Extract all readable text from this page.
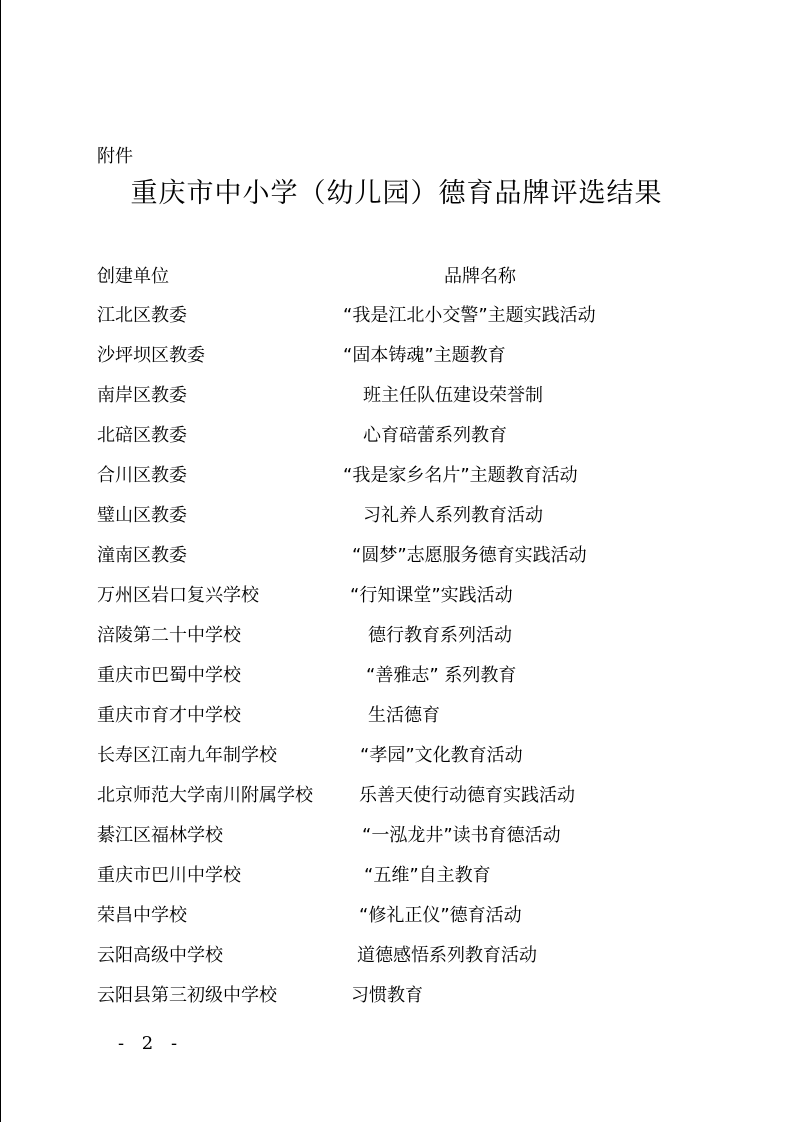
附件
重庆市中小学（幼儿园）德育品牌评选结果
创建单位	品牌名称
江北区教委	“我是江北小交警”主题实践活动
沙坪坝区教委	“固本铸魂”主题教育
南岸区教委	班主任队伍建设荣誉制
北碚区教委	心育碚蕾系列教育
合川区教委	“我是家乡名片”主题教育活动
璧山区教委	习礼养人系列教育活动
潼南区教委	“圆梦”志愿服务德育实践活动
万州区岩口复兴学校	“行知课堂”实践活动
涪陵第二十中学校	德行教育系列活动
重庆市巴蜀中学校	“善雅志” 系列教育
重庆市育才中学校	生活德育
长寿区江南九年制学校	“孝园”文化教育活动
北京师范大学南川附属学校	乐善天使行动德育实践活动
綦江区福林学校	“一泓龙井”读书育德活动
重庆市巴川中学校	“五维”自主教育
荣昌中学校	“修礼正仪”德育活动
云阳高级中学校	道德感悟系列教育活动
云阳县第三初级中学校	习惯教育
- 2 -
